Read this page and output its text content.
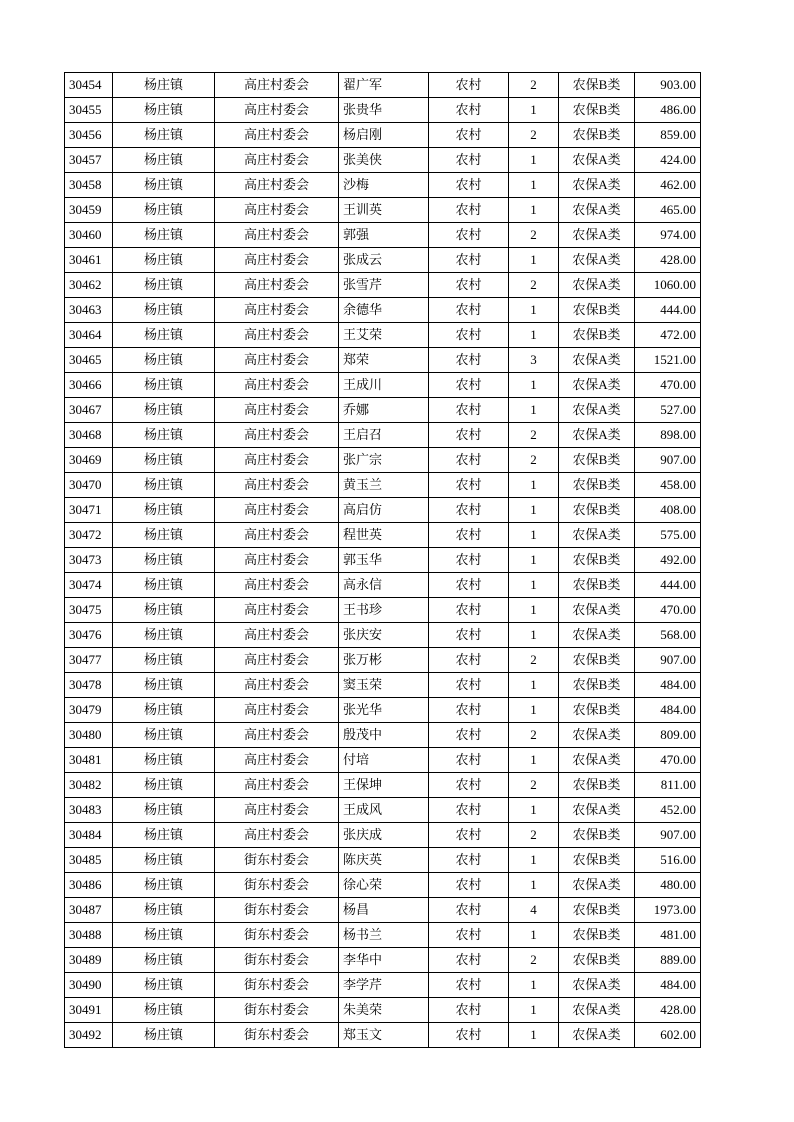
30454	杨庄镇	高庄村委会	翟广军	农村	2	农保B类	903.00
30455	杨庄镇	高庄村委会	张贵华	农村	1	农保B类	486.00
30456	杨庄镇	高庄村委会	杨启刚	农村	2	农保B类	859.00
30457	杨庄镇	高庄村委会	张美侠	农村	1	农保A类	424.00
30458	杨庄镇	高庄村委会	沙梅	农村	1	农保A类	462.00
30459	杨庄镇	高庄村委会	王训英	农村	1	农保A类	465.00
30460	杨庄镇	高庄村委会	郭强	农村	2	农保A类	974.00
30461	杨庄镇	高庄村委会	张成云	农村	1	农保A类	428.00
30462	杨庄镇	高庄村委会	张雪芹	农村	2	农保A类	1060.00
30463	杨庄镇	高庄村委会	余德华	农村	1	农保B类	444.00
30464	杨庄镇	高庄村委会	王艾荣	农村	1	农保B类	472.00
30465	杨庄镇	高庄村委会	郑荣	农村	3	农保A类	1521.00
30466	杨庄镇	高庄村委会	王成川	农村	1	农保A类	470.00
30467	杨庄镇	高庄村委会	乔娜	农村	1	农保A类	527.00
30468	杨庄镇	高庄村委会	王启召	农村	2	农保A类	898.00
30469	杨庄镇	高庄村委会	张广宗	农村	2	农保B类	907.00
30470	杨庄镇	高庄村委会	黄玉兰	农村	1	农保B类	458.00
30471	杨庄镇	高庄村委会	高启仿	农村	1	农保B类	408.00
30472	杨庄镇	高庄村委会	程世英	农村	1	农保A类	575.00
30473	杨庄镇	高庄村委会	郭玉华	农村	1	农保B类	492.00
30474	杨庄镇	高庄村委会	高永信	农村	1	农保B类	444.00
30475	杨庄镇	高庄村委会	王书珍	农村	1	农保A类	470.00
30476	杨庄镇	高庄村委会	张庆安	农村	1	农保A类	568.00
30477	杨庄镇	高庄村委会	张万彬	农村	2	农保B类	907.00
30478	杨庄镇	高庄村委会	窦玉荣	农村	1	农保B类	484.00
30479	杨庄镇	高庄村委会	张光华	农村	1	农保B类	484.00
30480	杨庄镇	高庄村委会	殷茂中	农村	2	农保A类	809.00
30481	杨庄镇	高庄村委会	付培	农村	1	农保A类	470.00
30482	杨庄镇	高庄村委会	王保坤	农村	2	农保B类	811.00
30483	杨庄镇	高庄村委会	王成风	农村	1	农保A类	452.00
30484	杨庄镇	高庄村委会	张庆成	农村	2	农保B类	907.00
30485	杨庄镇	街东村委会	陈庆英	农村	1	农保B类	516.00
30486	杨庄镇	街东村委会	徐心荣	农村	1	农保A类	480.00
30487	杨庄镇	街东村委会	杨昌	农村	4	农保B类	1973.00
30488	杨庄镇	街东村委会	杨书兰	农村	1	农保B类	481.00
30489	杨庄镇	街东村委会	李华中	农村	2	农保B类	889.00
30490	杨庄镇	街东村委会	李学芹	农村	1	农保A类	484.00
30491	杨庄镇	街东村委会	朱美荣	农村	1	农保A类	428.00
30492	杨庄镇	街东村委会	郑玉文	农村	1	农保A类	602.00
